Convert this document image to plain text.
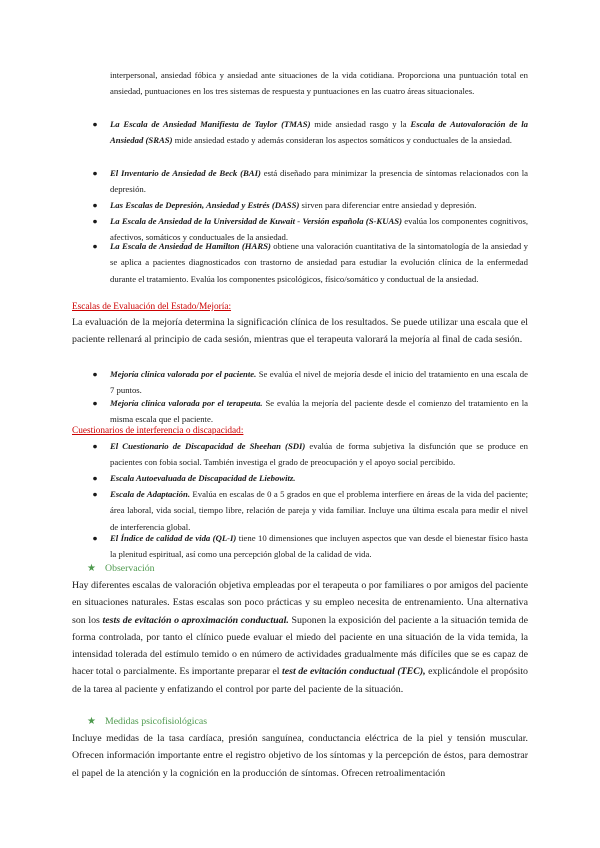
interpersonal, ansiedad fóbica y ansiedad ante situaciones de la vida cotidiana. Proporciona una puntuación total en ansiedad, puntuaciones en los tres sistemas de respuesta y puntuaciones en las cuatro áreas situacionales.
●	La Escala de Ansiedad Manifiesta de Taylor (TMAS) mide ansiedad rasgo y la Escala de Autovaloración de la Ansiedad (SRAS) mide ansiedad estado y además consideran los aspectos somáticos y conductuales de la ansiedad.
●	El Inventario de Ansiedad de Beck (BAI) está diseñado para minimizar la presencia de síntomas relacionados con la depresión.
●	Las Escalas de Depresión, Ansiedad y Estrés (DASS) sirven para diferenciar entre ansiedad y depresión.
●	La Escala de Ansiedad de la Universidad de Kuwait - Versión española (S-KUAS) evalúa los componentes cognitivos, afectivos, somáticos y conductuales de la ansiedad.
●	La Escala de Ansiedad de Hamilton (HARS) obtiene una valoración cuantitativa de la sintomatología de la ansiedad y se aplica a pacientes diagnosticados con trastorno de ansiedad para estudiar la evolución clínica de la enfermedad durante el tratamiento. Evalúa los componentes psicológicos, físico/somático y conductual de la ansiedad.
Escalas de Evaluación del Estado/Mejoría:
La evaluación de la mejoría determina la significación clínica de los resultados. Se puede utilizar una escala que el paciente rellenará al principio de cada sesión, mientras que el terapeuta valorará la mejoría al final de cada sesión.
●	Mejoría clínica valorada por el paciente. Se evalúa el nivel de mejoría desde el inicio del tratamiento en una escala de 7 puntos.
●	Mejoría clínica valorada por el terapeuta. Se evalúa la mejoría del paciente desde el comienzo del tratamiento en la misma escala que el paciente.
Cuestionarios de interferencia o discapacidad:
●	El Cuestionario de Discapacidad de Sheehan (SDI) evalúa de forma subjetiva la disfunción que se produce en pacientes con fobia social. También investiga el grado de preocupación y el apoyo social percibido.
●	Escala Autoevaluada de Discapacidad de Liebowitz.
●	Escala de Adaptación. Evalúa en escalas de 0 a 5 grados en que el problema interfiere en áreas de la vida del paciente; área laboral, vida social, tiempo libre, relación de pareja y vida familiar. Incluye una última escala para medir el nivel de interferencia global.
●	El Índice de calidad de vida (QL-I) tiene 10 dimensiones que incluyen aspectos que van desde el bienestar físico hasta la plenitud espiritual, así como una percepción global de la calidad de vida.
★ Observación
Hay diferentes escalas de valoración objetiva empleadas por el terapeuta o por familiares o por amigos del paciente en situaciones naturales. Estas escalas son poco prácticas y su empleo necesita de entrenamiento. Una alternativa son los tests de evitación o aproximación conductual. Suponen la exposición del paciente a la situación temida de forma controlada, por tanto el clínico puede evaluar el miedo del paciente en una situación de la vida temida, la intensidad tolerada del estímulo temido o en número de actividades gradualmente más difíciles que se es capaz de hacer total o parcialmente. Es importante preparar el test de evitación conductual (TEC), explicándole el propósito de la tarea al paciente y enfatizando el control por parte del paciente de la situación.
★ Medidas psicofisiológicas
Incluye medidas de la tasa cardíaca, presión sanguínea, conductancia eléctrica de la piel y tensión muscular. Ofrecen información importante entre el registro objetivo de los síntomas y la percepción de éstos, para demostrar el papel de la atención y la cognición en la producción de síntomas. Ofrecen retroalimentación
